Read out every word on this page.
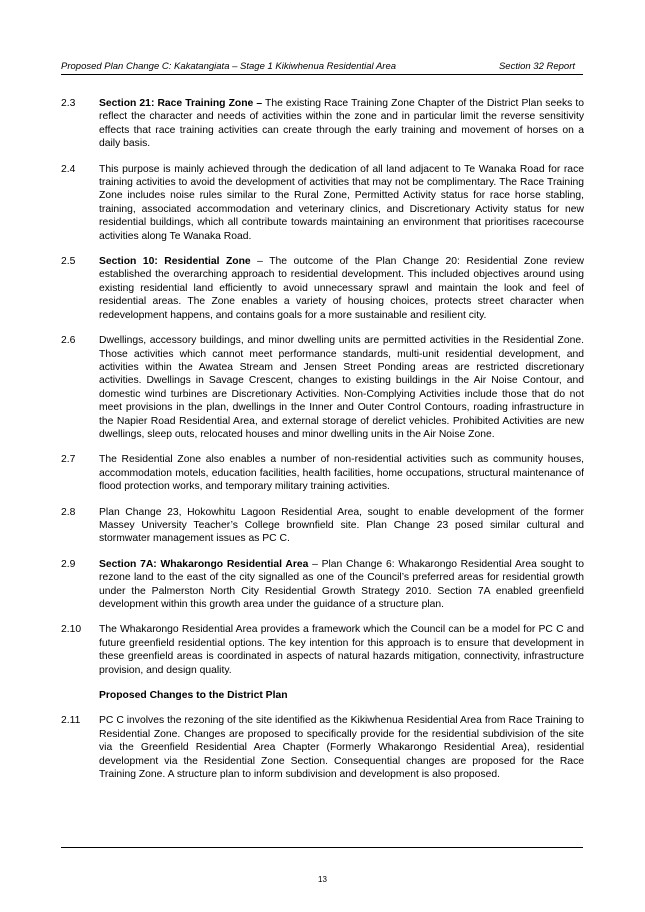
Proposed Plan Change C: Kakatangiata – Stage 1 Kikiwhenua Residential Area	Section 32 Report
2.3 Section 21: Race Training Zone – The existing Race Training Zone Chapter of the District Plan seeks to reflect the character and needs of activities within the zone and in particular limit the reverse sensitivity effects that race training activities can create through the early training and movement of horses on a daily basis.
2.4 This purpose is mainly achieved through the dedication of all land adjacent to Te Wanaka Road for race training activities to avoid the development of activities that may not be complimentary. The Race Training Zone includes noise rules similar to the Rural Zone, Permitted Activity status for race horse stabling, training, associated accommodation and veterinary clinics, and Discretionary Activity status for new residential buildings, which all contribute towards maintaining an environment that prioritises racecourse activities along Te Wanaka Road.
2.5 Section 10: Residential Zone – The outcome of the Plan Change 20: Residential Zone review established the overarching approach to residential development. This included objectives around using existing residential land efficiently to avoid unnecessary sprawl and maintain the look and feel of residential areas. The Zone enables a variety of housing choices, protects street character when redevelopment happens, and contains goals for a more sustainable and resilient city.
2.6 Dwellings, accessory buildings, and minor dwelling units are permitted activities in the Residential Zone. Those activities which cannot meet performance standards, multi-unit residential development, and activities within the Awatea Stream and Jensen Street Ponding areas are restricted discretionary activities. Dwellings in Savage Crescent, changes to existing buildings in the Air Noise Contour, and domestic wind turbines are Discretionary Activities. Non-Complying Activities include those that do not meet provisions in the plan, dwellings in the Inner and Outer Control Contours, roading infrastructure in the Napier Road Residential Area, and external storage of derelict vehicles. Prohibited Activities are new dwellings, sleep outs, relocated houses and minor dwelling units in the Air Noise Zone.
2.7 The Residential Zone also enables a number of non-residential activities such as community houses, accommodation motels, education facilities, health facilities, home occupations, structural maintenance of flood protection works, and temporary military training activities.
2.8 Plan Change 23, Hokowhitu Lagoon Residential Area, sought to enable development of the former Massey University Teacher’s College brownfield site. Plan Change 23 posed similar cultural and stormwater management issues as PC C.
2.9 Section 7A: Whakarongo Residential Area – Plan Change 6: Whakarongo Residential Area sought to rezone land to the east of the city signalled as one of the Council’s preferred areas for residential growth under the Palmerston North City Residential Growth Strategy 2010. Section 7A enabled greenfield development within this growth area under the guidance of a structure plan.
2.10 The Whakarongo Residential Area provides a framework which the Council can be a model for PC C and future greenfield residential options. The key intention for this approach is to ensure that development in these greenfield areas is coordinated in aspects of natural hazards mitigation, connectivity, infrastructure provision, and design quality.
Proposed Changes to the District Plan
2.11 PC C involves the rezoning of the site identified as the Kikiwhenua Residential Area from Race Training to Residential Zone. Changes are proposed to specifically provide for the residential subdivision of the site via the Greenfield Residential Area Chapter (Formerly Whakarongo Residential Area), residential development via the Residential Zone Section. Consequential changes are proposed for the Race Training Zone. A structure plan to inform subdivision and development is also proposed.
13
